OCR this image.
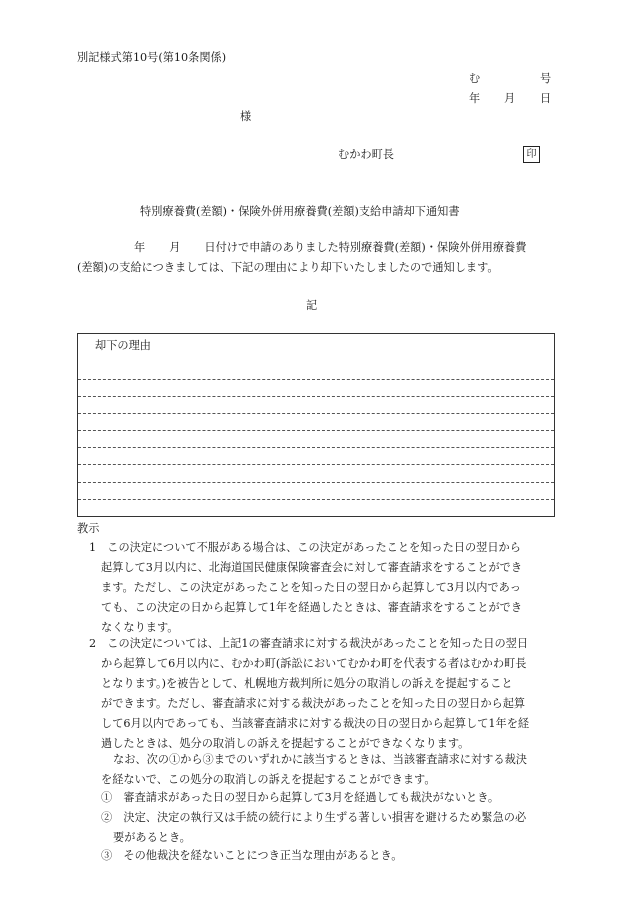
別記様式第10号(第10条関係)
む	号
年 月 日
様
むかわ町長	印
特別療養費(差額)・保険外併用療養費(差額)支給申請却下通知書
年 月 日付けで申請のありました特別療養費(差額)・保険外併用療養費
(差額)の支給につきましては、下記の理由により却下いたしましたので通知します。
記
却下の理由
教示
1　この決定について不服がある場合は、この決定があったことを知った日の翌日から
起算して3月以内に、北海道国民健康保険審査会に対して審査請求をすることができ
ます。ただし、この決定があったことを知った日の翌日から起算して3月以内であっ
ても、この決定の日から起算して1年を経過したときは、審査請求をすることができ
なくなります。
2　この決定については、上記1の審査請求に対する裁決があったことを知った日の翌日
から起算して6月以内に、むかわ町(訴訟においてむかわ町を代表する者はむかわ町長
となります。)を被告として、札幌地方裁判所に処分の取消しの訴えを提起すること
ができます。ただし、審査請求に対する裁決があったことを知った日の翌日から起算
して6月以内であっても、当該審査請求に対する裁決の日の翌日から起算して1年を経
過したときは、処分の取消しの訴えを提起することができなくなります。
なお、次の①から③までのいずれかに該当するときは、当該審査請求に対する裁決
を経ないで、この処分の取消しの訴えを提起することができます。
①　審査請求があった日の翌日から起算して3月を経過しても裁決がないとき。
②　決定、決定の執行又は手続の続行により生ずる著しい損害を避けるため緊急の必
要があるとき。
③　その他裁決を経ないことにつき正当な理由があるとき。
